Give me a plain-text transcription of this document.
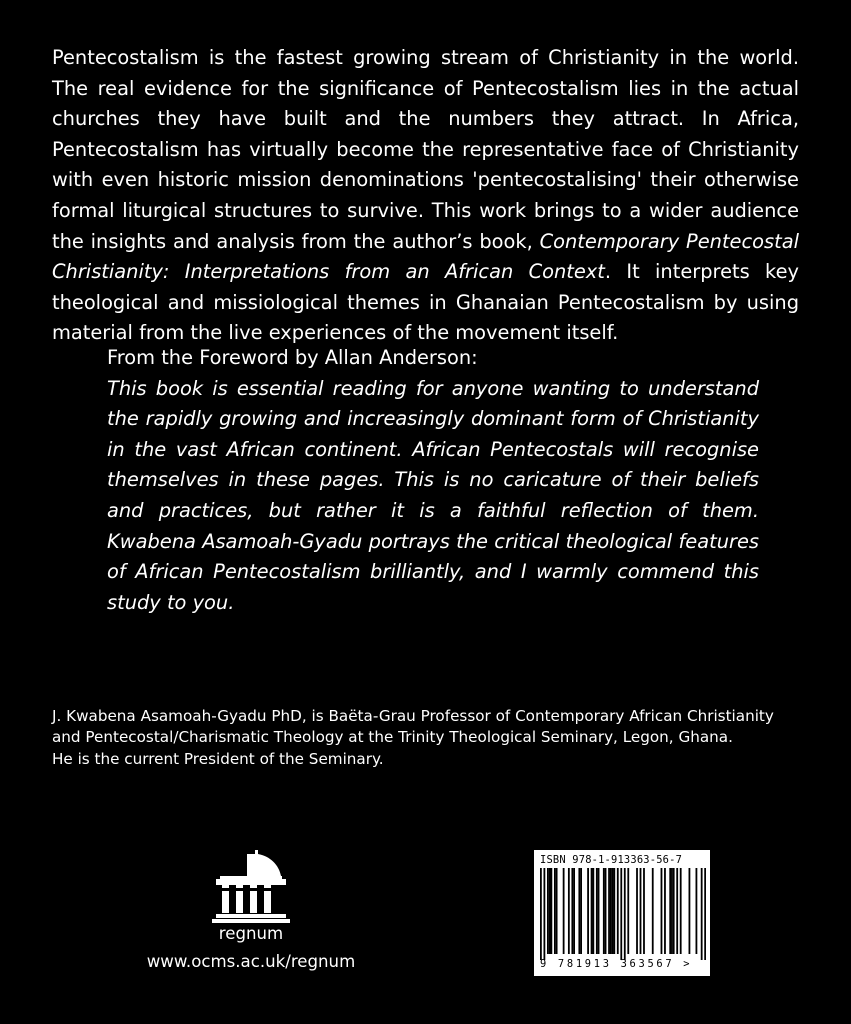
Pentecostalism is the fastest growing stream of Christianity in the world. The real evidence for the significance of Pentecostalism lies in the actual churches they have built and the numbers they attract. In Africa, Pentecostalism has virtually become the representative face of Christianity with even historic mission denominations 'pentecostalising' their otherwise formal liturgical structures to survive. This work brings to a wider audience the insights and analysis from the author’s book, Contemporary Pentecostal Christianity: Interpretations from an African Context. It interprets key theological and missiological themes in Ghanaian Pentecostalism by using material from the live experiences of the movement itself.

From the Foreword by Allan Anderson:
This book is essential reading for anyone wanting to understand the rapidly growing and increasingly dominant form of Christianity in the vast African continent. African Pentecostals will recognise themselves in these pages. This is no caricature of their beliefs and practices, but rather it is a faithful reflection of them. Kwabena Asamoah-Gyadu portrays the critical theological features of African Pentecostalism brilliantly, and I warmly commend this study to you.
J. Kwabena Asamoah-Gyadu PhD, is Baëta-Grau Professor of Contemporary African Christianity
and Pentecostal/Charismatic Theology at the Trinity Theological Seminary, Legon, Ghana.
He is the current President of the Seminary.
regnum
www.ocms.ac.uk/regnum
ISBN 978-1-913363-56-7
9 781913 363567 >
